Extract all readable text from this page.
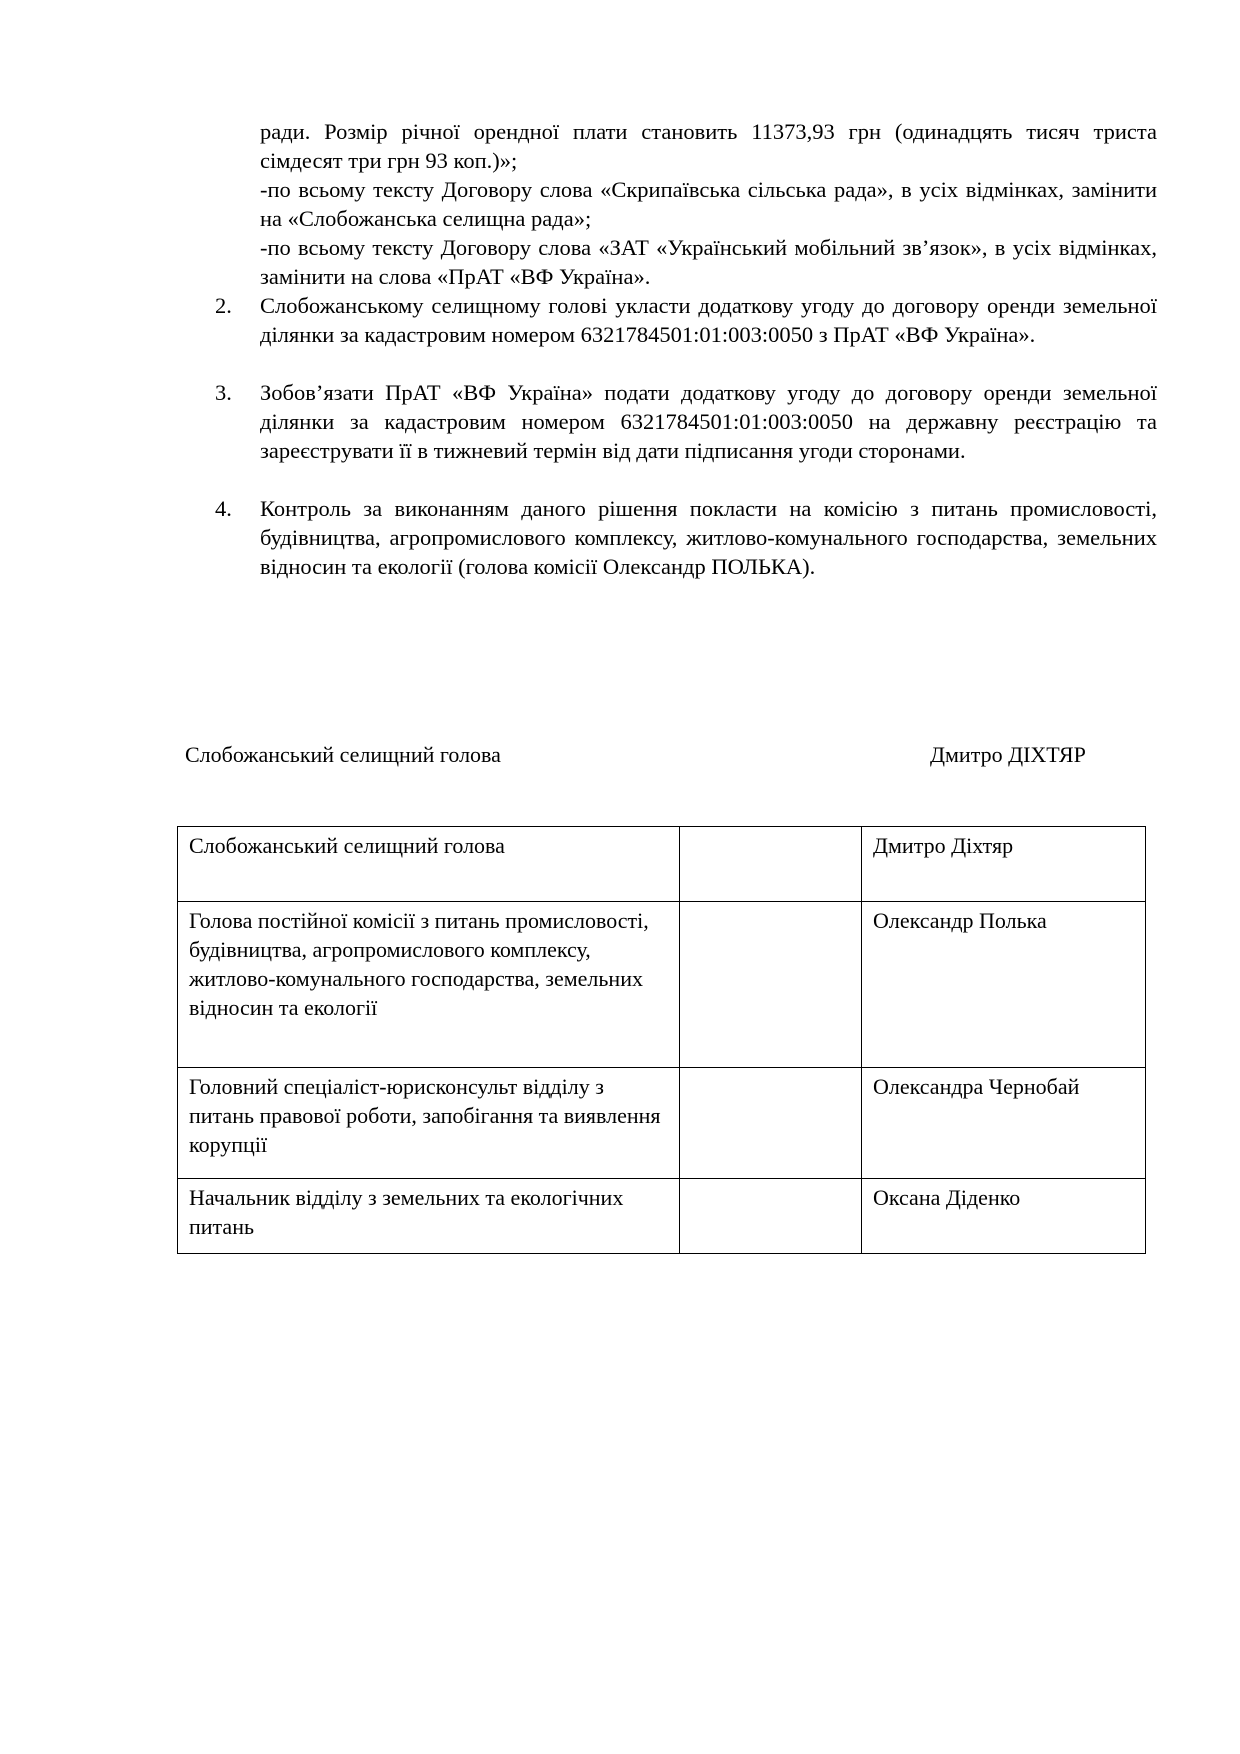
ради. Розмір річної орендної плати становить 11373,93 грн (одинадцять тисяч триста сімдесят три грн 93 коп.)»;

-по всьому тексту Договору слова «Скрипаївська сільська рада», в усіх відмінках, замінити на «Слобожанська селищна рада»;

-по всьому тексту Договору слова «ЗАТ «Український мобільний зв’язок», в усіх відмінках, замінити на слова «ПрАТ «ВФ Україна».

2.	Слобожанському селищному голові укласти додаткову угоду до договору оренди земельної ділянки за кадастровим номером 6321784501:01:003:0050 з ПрАТ «ВФ Україна».
3.	Зобов’язати ПрАТ «ВФ Україна» подати додаткову угоду до договору оренди земельної ділянки за кадастровим номером 6321784501:01:003:0050 на державну реєстрацію та зареєструвати її в тижневий термін від дати підписання угоди сторонами.
4.	Контроль за виконанням даного рішення покласти на комісію з питань промисловості, будівництва, агропромислового комплексу, житлово-комунального господарства, земельних відносин та екології (голова комісії Олександр ПОЛЬКА).
Слобожанський селищний голова	Дмитро ДІХТЯР
Слобожанський селищний голова		Дмитро Діхтяр
Голова постійної комісії з питань промисловості, будівництва, агропромислового комплексу, житлово-комунального господарства, земельних відносин та екології		Олександр Полька
Головний спеціаліст-юрисконсульт відділу з питань правової роботи, запобігання та виявлення корупції		Олександра Чернобай
Начальник відділу з земельних та екологічних питань		Оксана Діденко
